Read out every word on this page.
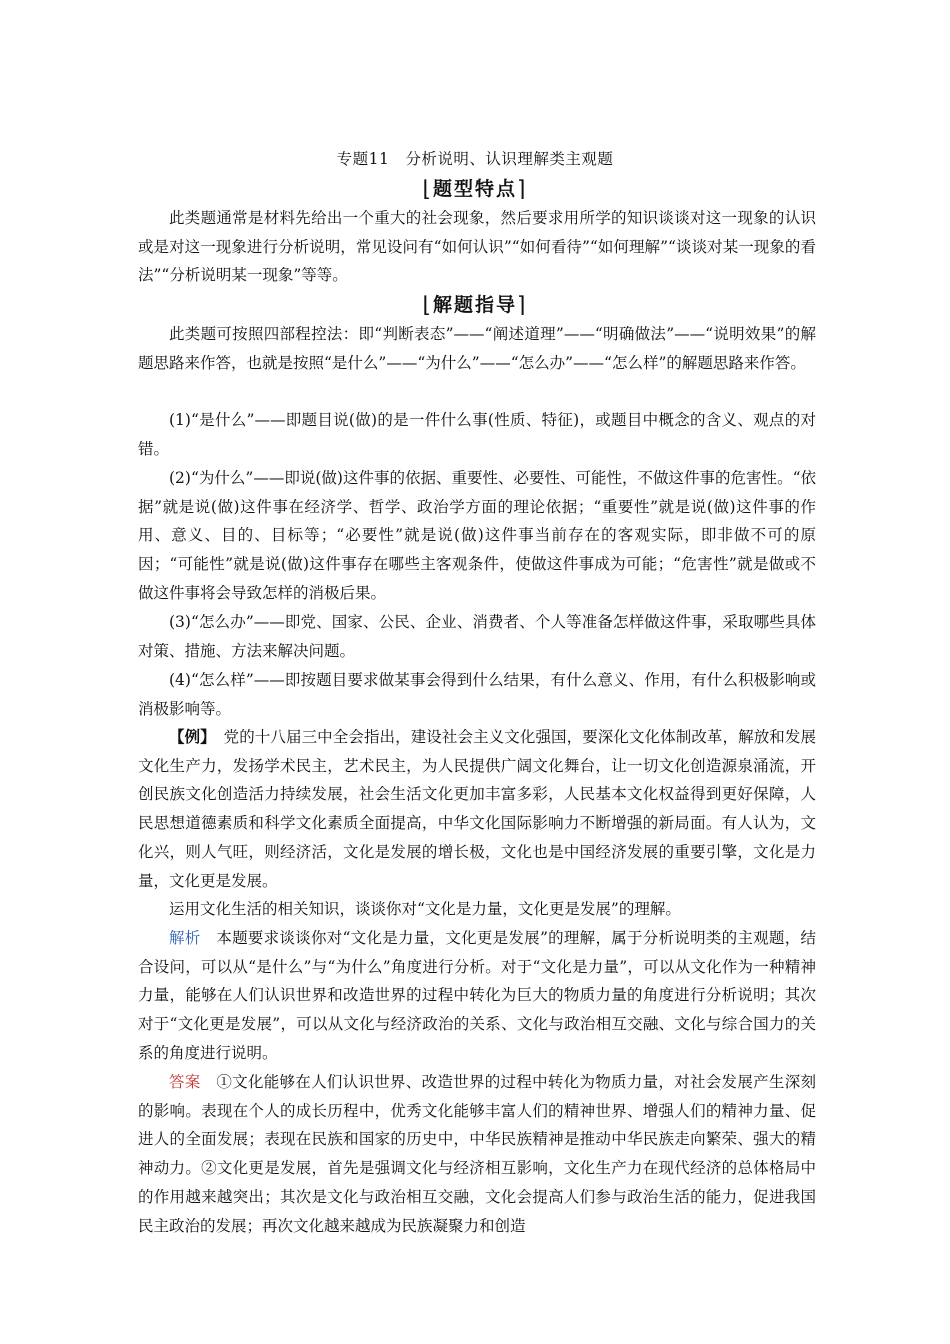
专题11　分析说明、认识理解类主观题
⌊题型特点⌉

此类题通常是材料先给出一个重大的社会现象，然后要求用所学的知识谈谈对这一现象的认识或是对这一现象进行分析说明，常见设问有“如何认识”“如何看待”“如何理解”“谈谈对某一现象的看法”“分析说明某一现象”等等。

⌊解题指导⌉

此类题可按照四部程控法：即“判断表态”——“阐述道理”——“明确做法”——“说明效果”的解题思路来作答，也就是按照“是什么”——“为什么”——“怎么办”——“怎么样”的解题思路来作答。

(1)“是什么”——即题目说(做)的是一件什么事(性质、特征)，或题目中概念的含义、观点的对错。

(2)“为什么”——即说(做)这件事的依据、重要性、必要性、可能性，不做这件事的危害性。“依据”就是说(做)这件事在经济学、哲学、政治学方面的理论依据；“重要性”就是说(做)这件事的作用、意义、目的、目标等；“必要性”就是说(做)这件事当前存在的客观实际，即非做不可的原因；“可能性”就是说(做)这件事存在哪些主客观条件，使做这件事成为可能；“危害性”就是做或不做这件事将会导致怎样的消极后果。

(3)“怎么办”——即党、国家、公民、企业、消费者、个人等准备怎样做这件事，采取哪些具体对策、措施、方法来解决问题。

(4)“怎么样”——即按题目要求做某事会得到什么结果，有什么意义、作用，有什么积极影响或消极影响等。

【例】　党的十八届三中全会指出，建设社会主义文化强国，要深化文化体制改革，解放和发展文化生产力，发扬学术民主，艺术民主，为人民提供广阔文化舞台，让一切文化创造源泉涌流，开创民族文化创造活力持续发展，社会生活文化更加丰富多彩，人民基本文化权益得到更好保障，人民思想道德素质和科学文化素质全面提高，中华文化国际影响力不断增强的新局面。有人认为，文化兴，则人气旺，则经济活，文化是发展的增长极，文化也是中国经济发展的重要引擎，文化是力量，文化更是发展。

运用文化生活的相关知识，谈谈你对“文化是力量，文化更是发展”的理解。

解析　本题要求谈谈你对“文化是力量，文化更是发展”的理解，属于分析说明类的主观题，结合设问，可以从“是什么”与“为什么”角度进行分析。对于“文化是力量”，可以从文化作为一种精神力量，能够在人们认识世界和改造世界的过程中转化为巨大的物质力量的角度进行分析说明；其次对于“文化更是发展”，可以从文化与经济政治的关系、文化与政治相互交融、文化与综合国力的关系的角度进行说明。

答案　①文化能够在人们认识世界、改造世界的过程中转化为物质力量，对社会发展产生深刻的影响。表现在个人的成长历程中，优秀文化能够丰富人们的精神世界、增强人们的精神力量、促进人的全面发展；表现在民族和国家的历史中，中华民族精神是推动中华民族走向繁荣、强大的精神动力。②文化更是发展，首先是强调文化与经济相互影响，文化生产力在现代经济的总体格局中的作用越来越突出；其次是文化与政治相互交融，文化会提高人们参与政治生活的能力，促进我国民主政治的发展；再次文化越来越成为民族凝聚力和创造
